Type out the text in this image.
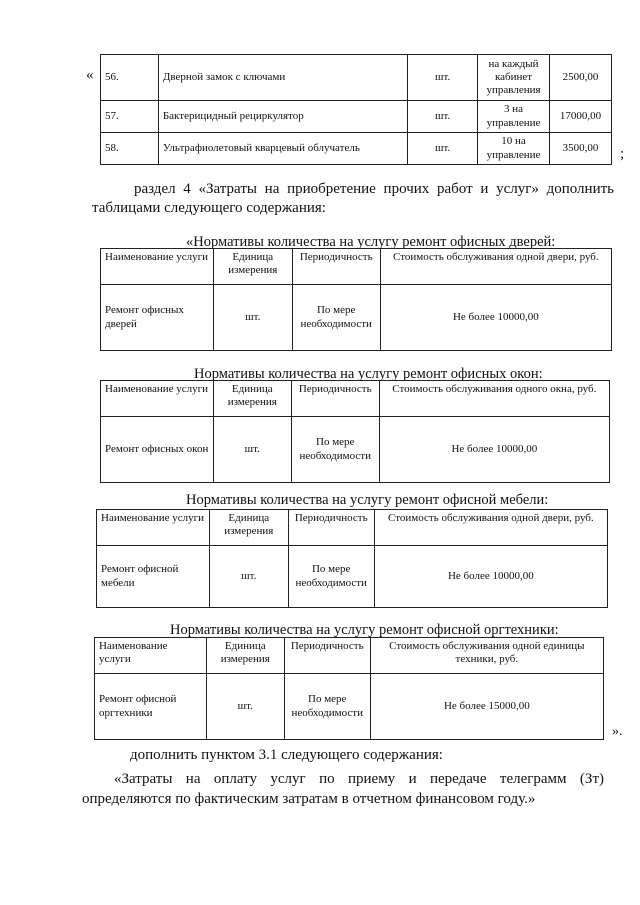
« 56.	Дверной замок с ключами	шт.	на каждый кабинет управления	2500,00
57.	Бактерицидный рециркулятор	шт.	3 на управление	17000,00
58.	Ультрафиолетовый кварцевый облучатель	шт.	10 на управление	3500,00 ;
раздел 4 «Затраты на приобретение прочих работ и услуг» дополнить
таблицами следующего содержания:
«Нормативы количества на услугу ремонт офисных дверей:
Наименование услуги	Единица измерения	Периодичность	Стоимость обслуживания одной двери, руб.
Ремонт офисных дверей	шт.	По мере необходимости	Не более 10000,00
Нормативы количества на услугу ремонт офисных окон:
Наименование услуги	Единица измерения	Периодичность	Стоимость обслуживания одного окна, руб.
Ремонт офисных окон	шт.	По мере необходимости	Не более 10000,00
Нормативы количества на услугу ремонт офисной мебели:
Наименование услуги	Единица измерения	Периодичность	Стоимость обслуживания одной двери, руб.
Ремонт офисной мебели	шт.	По мере необходимости	Не более 10000,00
Нормативы количества на услугу ремонт офисной оргтехники:
Наименование услуги	Единица измерения	Периодичность	Стоимость обслуживания одной единицы техники, руб.
Ремонт офисной оргтехники	шт.	По мере необходимости	Не более 15000,00
».
дополнить пунктом 3.1 следующего содержания:
«Затраты на оплату услуг по приему и передаче телеграмм (Зт)
определяются по фактическим затратам в отчетном финансовом году.»
